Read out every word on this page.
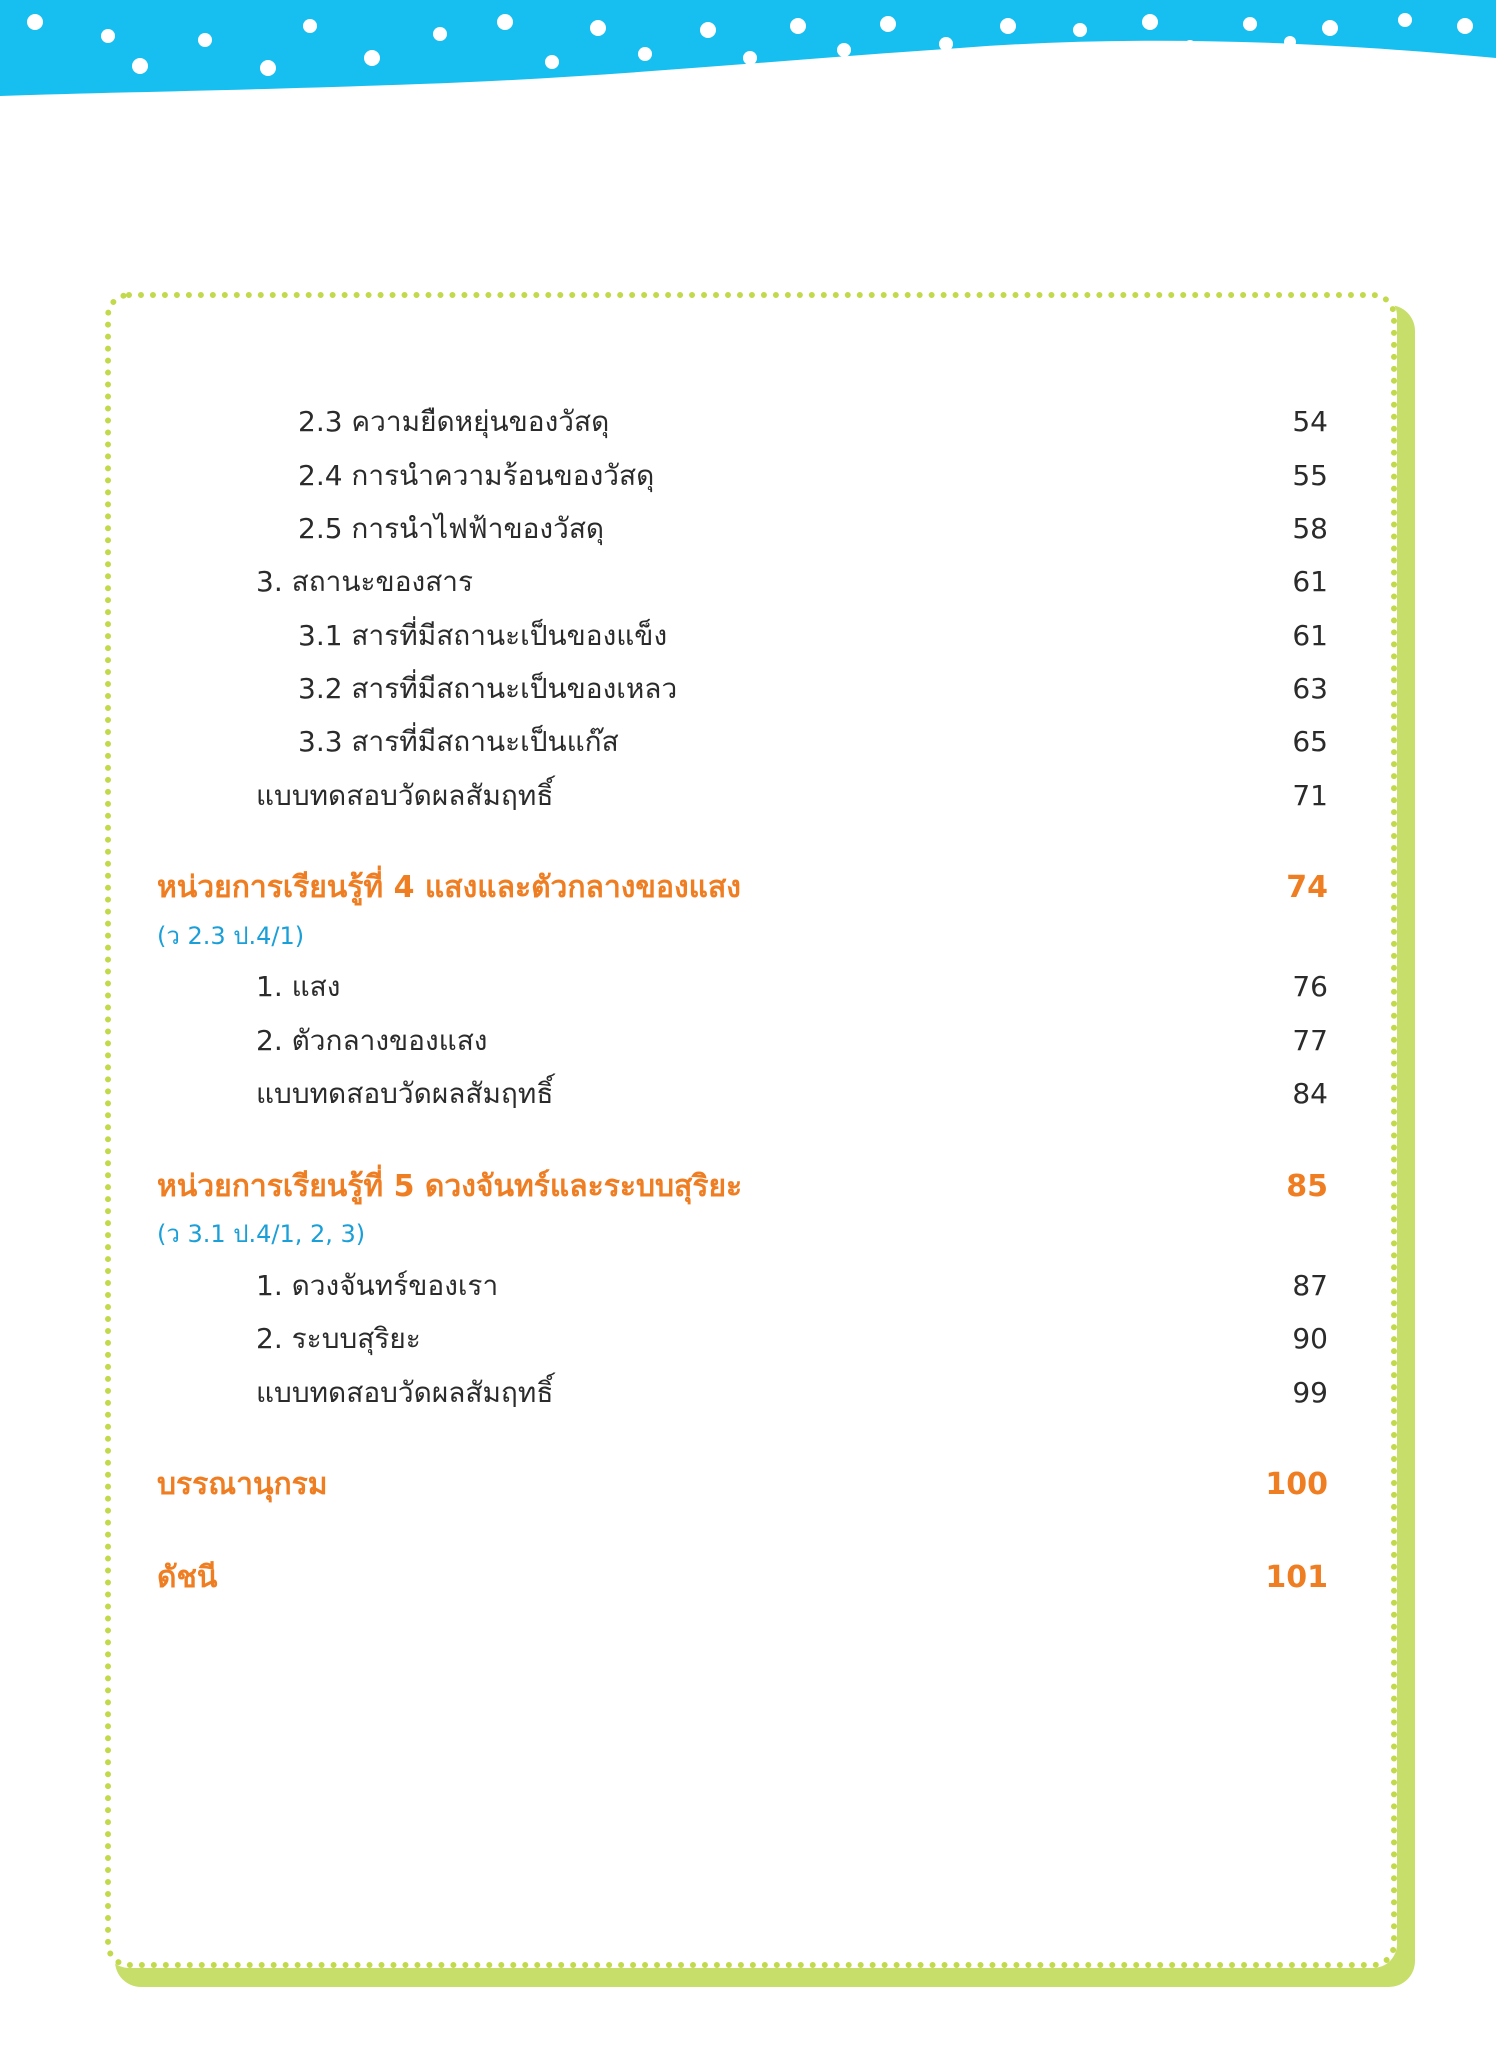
2.3 ความยืดหยุ่นของวัสดุ	54
2.4 การนำความร้อนของวัสดุ	55
2.5 การนำไฟฟ้าของวัสดุ	58
3. สถานะของสาร	61
3.1 สารที่มีสถานะเป็นของแข็ง	61
3.2 สารที่มีสถานะเป็นของเหลว	63
3.3 สารที่มีสถานะเป็นแก๊ส	65
แบบทดสอบวัดผลสัมฤทธิ์	71
หน่วยการเรียนรู้ที่ 4 แสงและตัวกลางของแสง	74
(ว 2.3 ป.4/1)
1. แสง	76
2. ตัวกลางของแสง	77
แบบทดสอบวัดผลสัมฤทธิ์	84
หน่วยการเรียนรู้ที่ 5 ดวงจันทร์และระบบสุริยะ	85
(ว 3.1 ป.4/1, 2, 3)
1. ดวงจันทร์ของเรา	87
2. ระบบสุริยะ	90
แบบทดสอบวัดผลสัมฤทธิ์	99
บรรณานุกรม	100
ดัชนี	101
